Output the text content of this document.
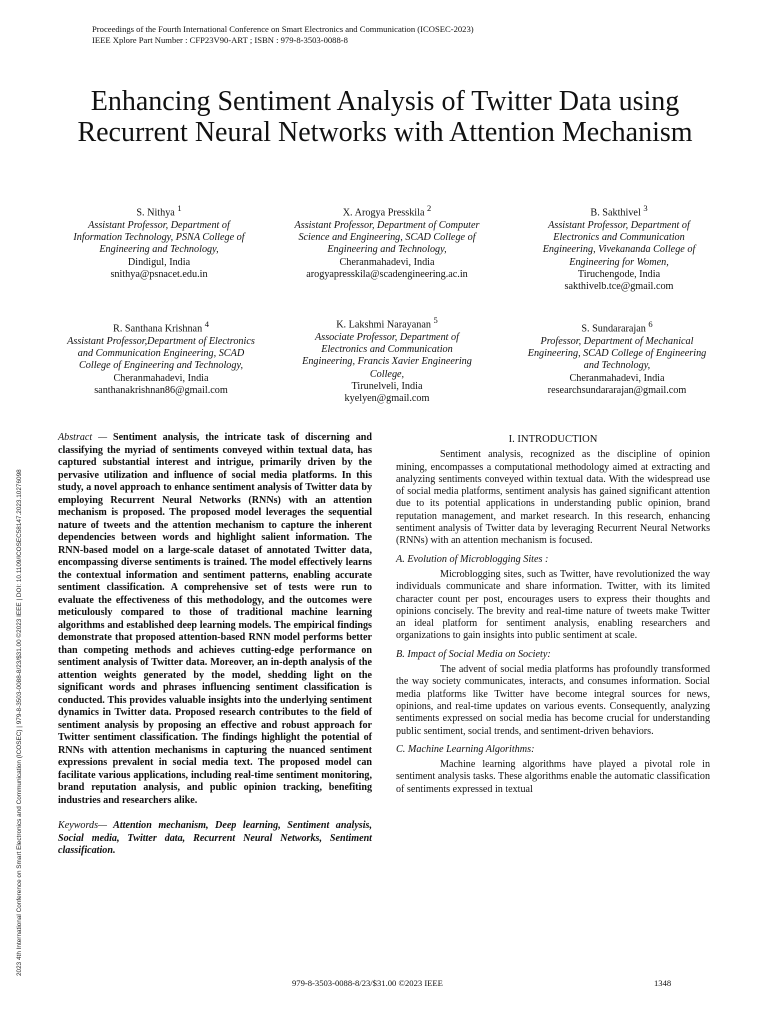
Proceedings of the Fourth International Conference on Smart Electronics and Communication (ICOSEC-2023)
IEEE Xplore Part Number : CFP23V90-ART ; ISBN : 979-8-3503-0088-8
2023 4th International Conference on Smart Electronics and Communication (ICOSEC) | 979-8-3503-0088-8/23/$31.00 ©2023 IEEE | DOI: 10.1109/ICOSEC58147.2023.10276098
Enhancing Sentiment Analysis of Twitter Data using Recurrent Neural Networks with Attention Mechanism
S. Nithya $^1$
Assistant Professor, Department of Information Technology, PSNA College of Engineering and Technology,
Dindigul, India
snithya@psnacet.edu.in
X. Arogya Presskila $^2$
Assistant Professor, Department of Computer Science and Engineering, SCAD College of Engineering and Technology,
Cheranmahadevi, India
arogyapresskila@scadengineering.ac.in
B. Sakthivel $^3$
Assistant Professor, Department of Electronics and Communication Engineering, Vivekananda College of Engineering for Women,
Tiruchengode, India
sakthivelb.tce@gmail.com
R. Santhana Krishnan $^4$
Assistant Professor,Department of Electronics and Communication Engineering, SCAD College of Engineering and Technology,
Cheranmahadevi, India
santhanakrishnan86@gmail.com
K. Lakshmi Narayanan $^5$
Associate Professor, Department of Electronics and Communication Engineering, Francis Xavier Engineering College,
Tirunelveli, India
kyelyen@gmail.com
S. Sundararajan $^6$
Professor, Department of Mechanical Engineering, SCAD College of Engineering and Technology,
Cheranmahadevi, India
researchsundararajan@gmail.com

Abstract — Sentiment analysis, the intricate task of discerning and classifying the myriad of sentiments conveyed within textual data, has captured substantial interest and intrigue, primarily driven by the pervasive utilization and influence of social media platforms. In this study, a novel approach to enhance sentiment analysis of Twitter data by employing Recurrent Neural Networks (RNNs) with an attention mechanism is proposed. The proposed model leverages the sequential nature of tweets and the attention mechanism to capture the inherent dependencies between words and highlight salient information. The RNN-based model on a large-scale dataset of annotated Twitter data, encompassing diverse sentiments is trained. The model effectively learns the contextual information and sentiment patterns, enabling accurate sentiment classification. A comprehensive set of tests were run to evaluate the effectiveness of this methodology, and the outcomes were meticulously compared to those of traditional machine learning algorithms and established deep learning models. The empirical findings demonstrate that proposed attention-based RNN model performs better than competing methods and achieves cutting-edge performance on sentiment analysis of Twitter data. Moreover, an in-depth analysis of the attention weights generated by the model, shedding light on the significant words and phrases influencing sentiment classification is conducted. This provides valuable insights into the underlying sentiment dynamics in Twitter data. Proposed research contributes to the field of sentiment analysis by proposing an effective and robust approach for Twitter sentiment classification. The findings highlight the potential of RNNs with attention mechanisms in capturing the nuanced sentiment expressions prevalent in social media text. The proposed model can facilitate various applications, including real-time sentiment monitoring, brand reputation analysis, and public opinion tracking, benefiting industries and researchers alike.

Keywords— Attention mechanism, Deep learning, Sentiment analysis, Social media, Twitter data, Recurrent Neural Networks, Sentiment classification.

I. INTRODUCTION

Sentiment analysis, recognized as the discipline of opinion mining, encompasses a computational methodology aimed at extracting and analyzing sentiments conveyed within textual data. With the widespread use of social media platforms, sentiment analysis has gained significant attention due to its potential applications in understanding public opinion, brand reputation management, and market research. In this research, enhancing sentiment analysis of Twitter data by leveraging Recurrent Neural Networks (RNNs) with an attention mechanism is focused.

A. Evolution of Microblogging Sites :

Microblogging sites, such as Twitter, have revolutionized the way individuals communicate and share information. Twitter, with its limited character count per post, encourages users to express their thoughts and opinions concisely. The brevity and real-time nature of tweets make Twitter an ideal platform for sentiment analysis, enabling researchers and organizations to gain insights into public sentiment at scale.

B. Impact of Social Media on Society:

The advent of social media platforms has profoundly transformed the way society communicates, interacts, and consumes information. Social media platforms like Twitter have become integral sources for news, opinions, and real-time updates on various events. Consequently, analyzing sentiments expressed on social media has become crucial for understanding public sentiment, social trends, and sentiment-driven behaviors.

C. Machine Learning Algorithms:

Machine learning algorithms have played a pivotal role in sentiment analysis tasks. These algorithms enable the automatic classification of sentiments expressed in textual

979-8-3503-0088-8/23/$31.00 ©2023 IEEE	1348
